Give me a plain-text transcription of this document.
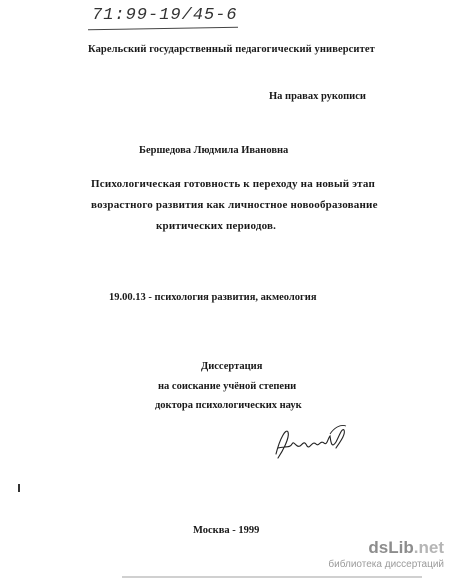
71:99-19/45-6
Карельский государственный педагогический университет
На правах рукописи
Бершедова Людмила Ивановна
Психологическая готовность к переходу на новый этап
возрастного развития как личностное новообразование
критических периодов.
19.00.13 - психология развития, акмеология
Диссертация
на соискание учёной степени
доктора психологических наук
Москва - 1999
dsLib.net
библиотека диссертаций
